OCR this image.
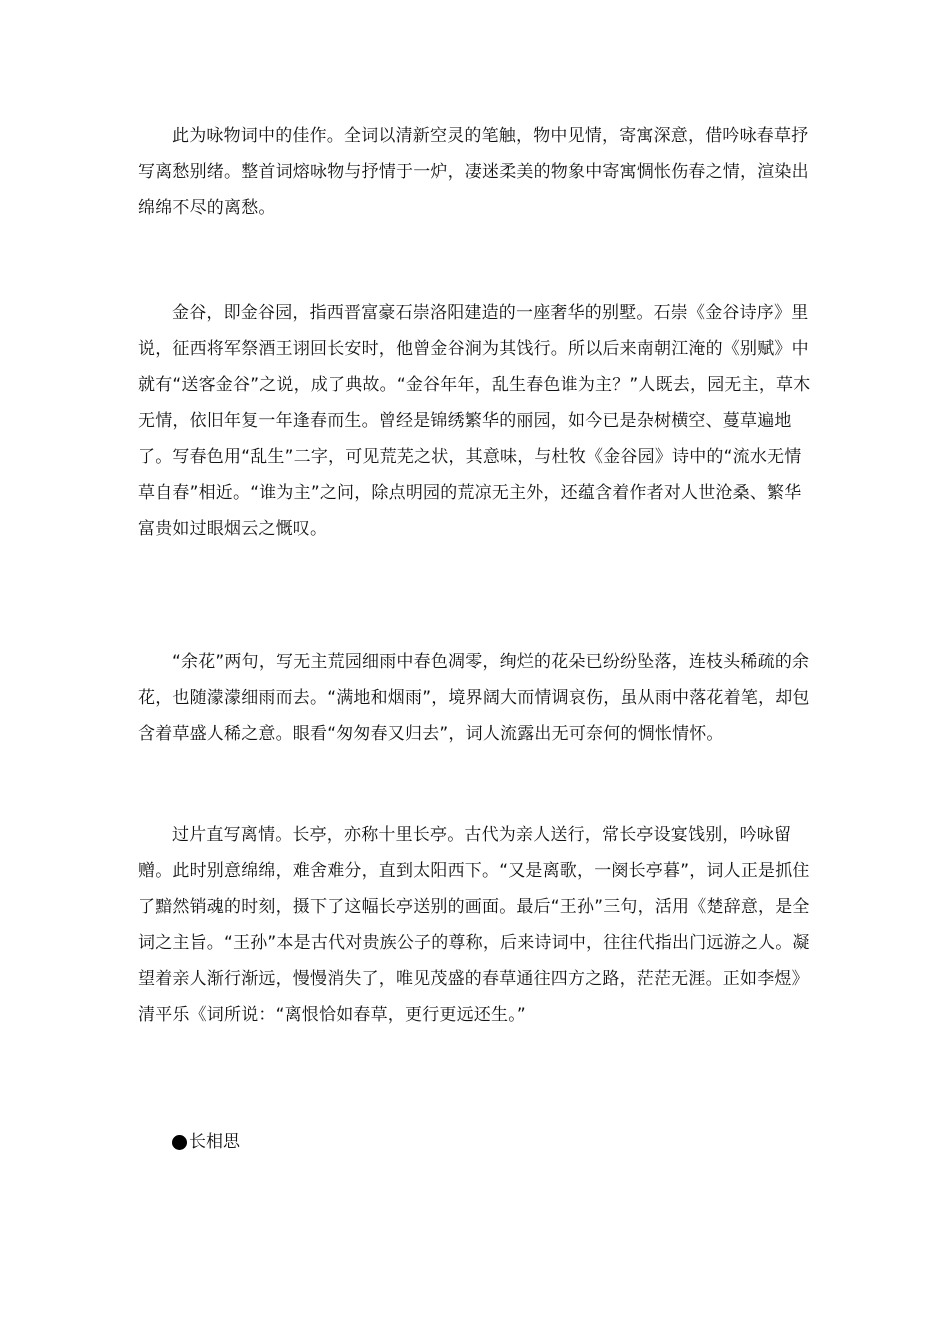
此为咏物词中的佳作。全词以清新空灵的笔触，物中见情，寄寓深意，借吟咏春草抒写离愁别绪。整首词熔咏物与抒情于一炉，凄迷柔美的物象中寄寓惆怅伤春之情，渲染出绵绵不尽的离愁。

金谷，即金谷园，指西晋富豪石崇洛阳建造的一座奢华的别墅。石崇《金谷诗序》里说，征西将军祭酒王诩回长安时，他曾金谷涧为其饯行。所以后来南朝江淹的《别赋》中就有“送客金谷”之说，成了典故。“金谷年年，乱生春色谁为主？”人既去，园无主，草木无情，依旧年复一年逢春而生。曾经是锦绣繁华的丽园，如今已是杂树横空、蔓草遍地了。写春色用“乱生”二字，可见荒芜之状，其意味，与杜牧《金谷园》诗中的“流水无情草自春”相近。“谁为主”之问，除点明园的荒凉无主外，还蕴含着作者对人世沧桑、繁华富贵如过眼烟云之慨叹。

“余花”两句，写无主荒园细雨中春色凋零，绚烂的花朵已纷纷坠落，连枝头稀疏的余花，也随濛濛细雨而去。“满地和烟雨”，境界阔大而情调哀伤，虽从雨中落花着笔，却包含着草盛人稀之意。眼看“匆匆春又归去”，词人流露出无可奈何的惆怅情怀。

过片直写离情。长亭，亦称十里长亭。古代为亲人送行，常长亭设宴饯别，吟咏留赠。此时别意绵绵，难舍难分，直到太阳西下。“又是离歌，一阕长亭暮”，词人正是抓住了黯然销魂的时刻，摄下了这幅长亭送别的画面。最后“王孙”三句，活用《楚辞意，是全词之主旨。“王孙”本是古代对贵族公子的尊称，后来诗词中，往往代指出门远游之人。凝望着亲人渐行渐远，慢慢消失了，唯见茂盛的春草通往四方之路，茫茫无涯。正如李煜》清平乐《词所说：“离恨恰如春草，更行更远还生。”

长相思
